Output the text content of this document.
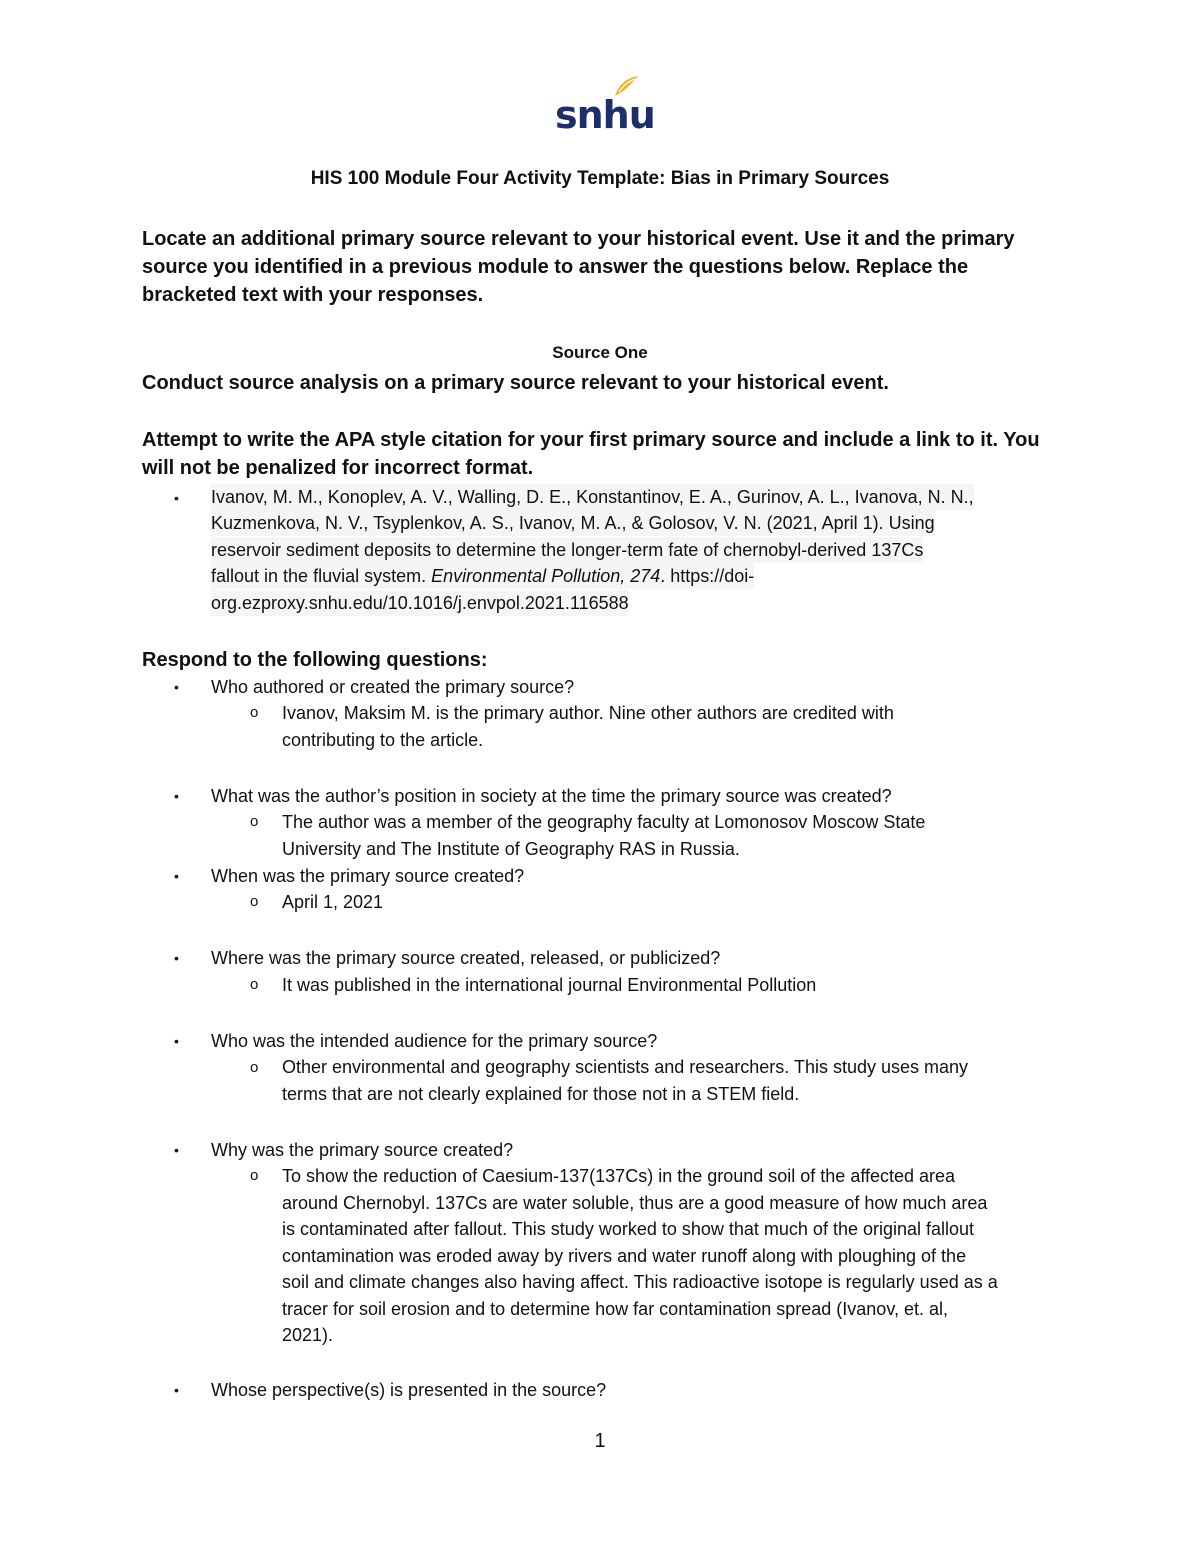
snhu
HIS 100 Module Four Activity Template: Bias in Primary Sources
Locate an additional primary source relevant to your historical event. Use it and the primary
source you identified in a previous module to answer the questions below. Replace the
bracketed text with your responses.
Source One
Conduct source analysis on a primary source relevant to your historical event.
Attempt to write the APA style citation for your first primary source and include a link to it. You
will not be penalized for incorrect format.
• Ivanov, M. M., Konoplev, A. V., Walling, D. E., Konstantinov, E. A., Gurinov, A. L., Ivanova, N. N.,
Kuzmenkova, N. V., Tsyplenkov, A. S., Ivanov, M. A., & Golosov, V. N. (2021, April 1). Using
reservoir sediment deposits to determine the longer-term fate of chernobyl-derived 137Cs
fallout in the fluvial system. Environmental Pollution, 274. https://doi-
org.ezproxy.snhu.edu/10.1016/j.envpol.2021.116588
Respond to the following questions:
• Who authored or created the primary source?
o Ivanov, Maksim M. is the primary author. Nine other authors are credited with
contributing to the article.
• What was the author’s position in society at the time the primary source was created?
o The author was a member of the geography faculty at Lomonosov Moscow State
University and The Institute of Geography RAS in Russia.
• When was the primary source created?
o April 1, 2021
• Where was the primary source created, released, or publicized?
o It was published in the international journal Environmental Pollution
• Who was the intended audience for the primary source?
o Other environmental and geography scientists and researchers. This study uses many
terms that are not clearly explained for those not in a STEM field.
• Why was the primary source created?
o To show the reduction of Caesium-137(137Cs) in the ground soil of the affected area
around Chernobyl. 137Cs are water soluble, thus are a good measure of how much area
is contaminated after fallout. This study worked to show that much of the original fallout
contamination was eroded away by rivers and water runoff along with ploughing of the
soil and climate changes also having affect. This radioactive isotope is regularly used as a
tracer for soil erosion and to determine how far contamination spread (Ivanov, et. al,
2021).
• Whose perspective(s) is presented in the source?
1
